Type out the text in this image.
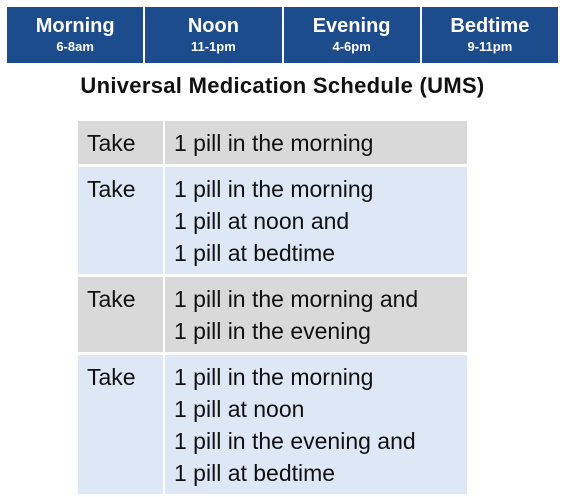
Morning
6-8am
Noon
11-1pm
Evening
4-6pm
Bedtime
9-11pm
Universal Medication Schedule (UMS)
Take	1 pill in the morning

Take	1 pill in the morning
1 pill at noon and
1 pill at bedtime

Take	1 pill in the morning and
1 pill in the evening

Take	1 pill in the morning
1 pill at noon
1 pill in the evening and
1 pill at bedtime
